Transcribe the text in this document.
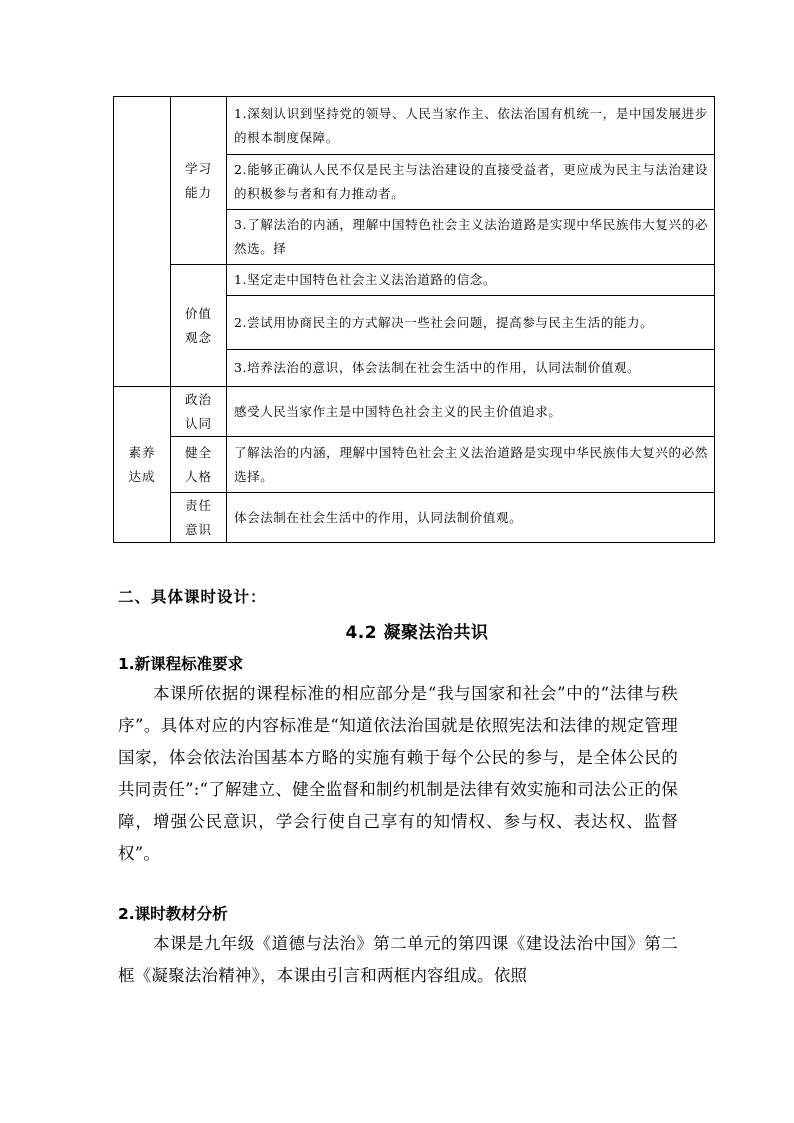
	学习能力	1.深刻认识到坚持党的领导、人民当家作主、依法治国有机统一，是中国发展进步的根本制度保障。
		2.能够正确认人民不仅是民主与法治建设的直接受益者，更应成为民主与法治建设的积极参与者和有力推动者。
		3.了解法治的内涵，理解中国特色社会主义法治道路是实现中华民族伟大复兴的必然选。择
	价值观念	1.坚定走中国特色社会主义法治道路的信念。
		2.尝试用协商民主的方式解决一些社会问题，提高参与民主生活的能力。
		3.培养法治的意识，体会法制在社会生活中的作用，认同法制价值观。
素养达成	政治认同	感受人民当家作主是中国特色社会主义的民主价值追求。
	健全人格	了解法治的内涵，理解中国特色社会主义法治道路是实现中华民族伟大复兴的必然选择。
	责任意识	体会法制在社会生活中的作用，认同法制价值观。
二、具体课时设计：
4.2 凝聚法治共识
1.新课程标准要求

本课所依据的课程标准的相应部分是“我与国家和社会”中的“法律与秩序”。具体对应的内容标准是“知道依法治国就是依照宪法和法律的规定管理国家，体会依法治国基本方略的实施有赖于每个公民的参与，是全体公民的共同责任”:“了解建立、健全监督和制约机制是法律有效实施和司法公正的保障，增强公民意识，学会行使自己享有的知情权、参与权、表达权、监督权”。

2.课时教材分析

本课是九年级《道德与法治》第二单元的第四课《建设法治中国》第二框《凝聚法治精神》，本课由引言和两框内容组成。依照
